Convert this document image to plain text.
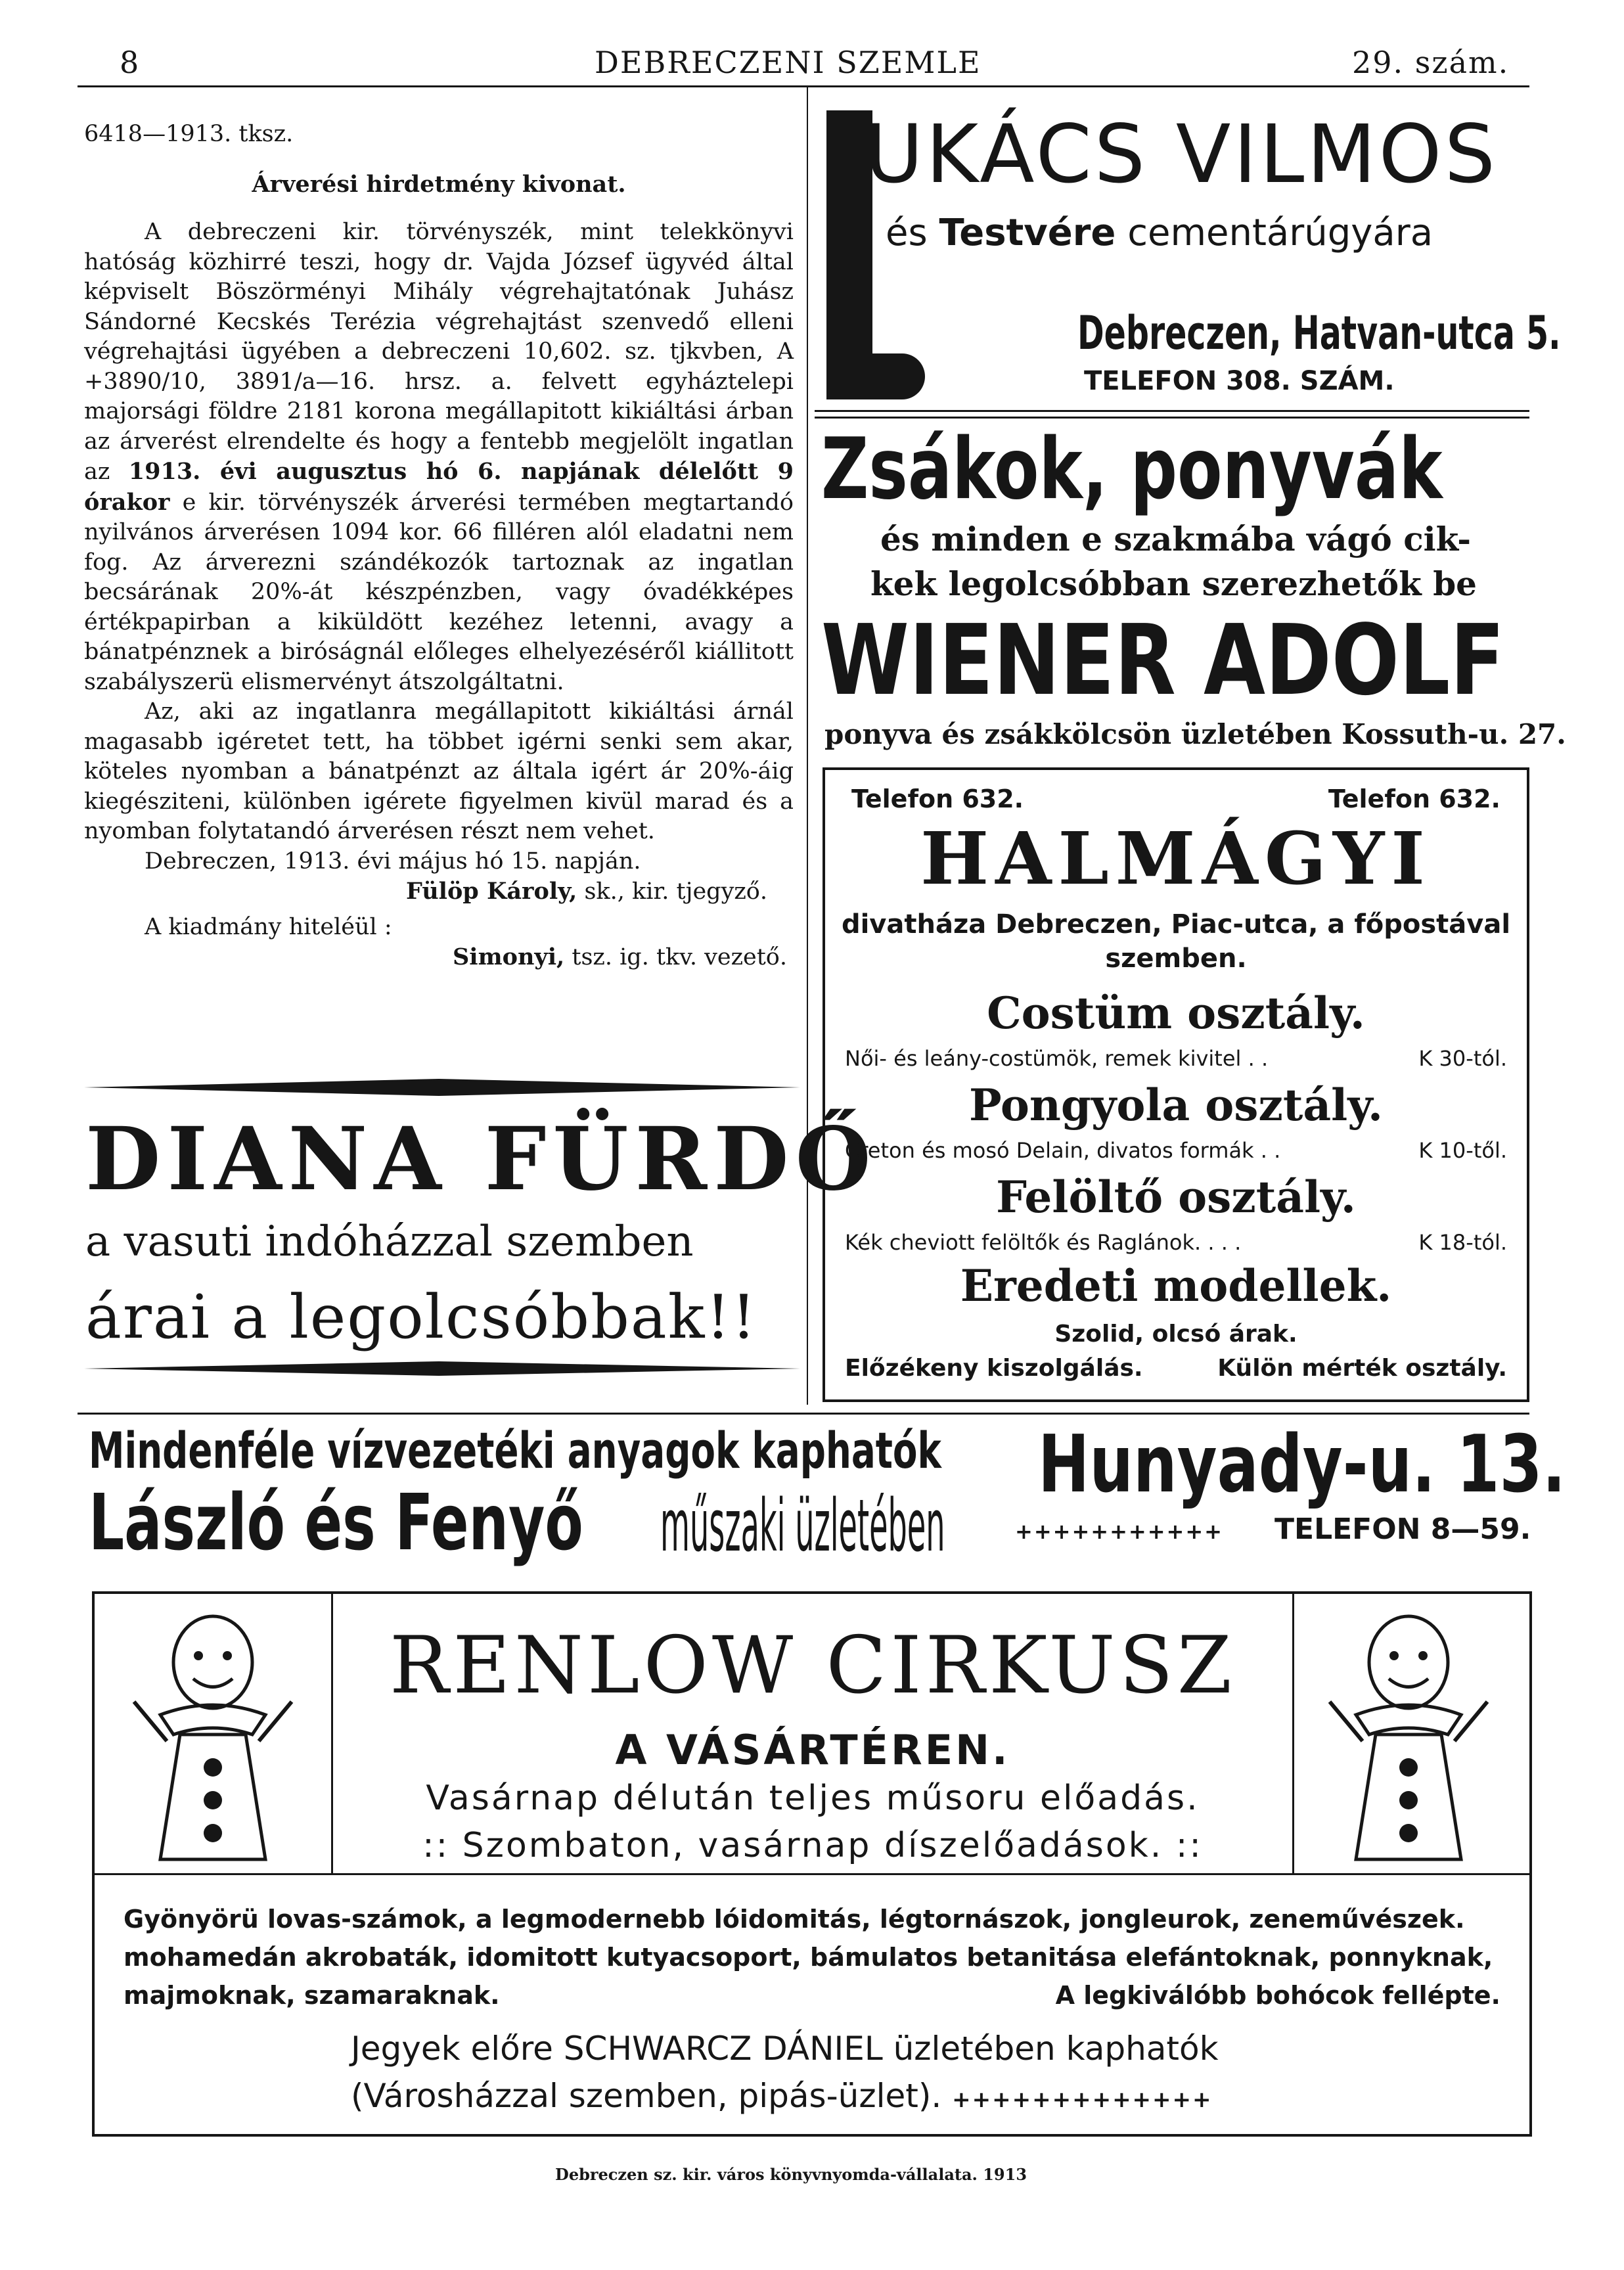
8	DEBRECZENI SZEMLE	29. szám.

6418—1913. tksz.

Árverési hirdetmény kivonat.

A debreczeni kir. törvényszék, mint telekkönyvi hatóság közhirré teszi, hogy dr. Vajda József ügyvéd által képviselt Böszörményi Mihály végrehajtatónak Juhász Sándorné Kecskés Terézia végrehajtást szenvedő elleni végrehajtási ügyében a debreczeni 10,602. sz. tjkvben, A +3890/10, 3891/a—16. hrsz. a. felvett egyháztelepi majorsági földre 2181 korona megállapitott kikiáltási árban az árverést elrendelte és hogy a fentebb megjelölt ingatlan az 1913. évi augusztus hó 6. napjának délelőtt 9 órakor e kir. törvényszék árverési termében megtartandó nyilvános árverésen 1094 kor. 66 filléren alól eladatni nem fog. Az árverezni szándékozók tartoznak az ingatlan becsárának 20%-át készpénzben, vagy óvadékképes értékpapirban a kiküldött kezéhez letenni, avagy a bánatpénznek a biróságnál előleges elhelyezéséről kiállitott szabályszerü elismervényt átszolgáltatni.

Az, aki az ingatlanra megállapitott kikiáltási árnál magasabb igéretet tett, ha többet igérni senki sem akar, köteles nyomban a bánatpénzt az általa igért ár 20%-áig kiegésziteni, különben igérete figyelmen kivül marad és a nyomban folytatandó árverésen részt nem vehet.

Debreczen, 1913. évi május hó 15. napján.

Fülöp Károly, sk., kir. tjegyző.

A kiadmány hiteléül :

Simonyi, tsz. ig. tkv. vezető.

DIANA FÜRDŐ
a vasuti indóházzal szemben
árai a legolcsóbbak!!
UKÁCS VILMOS
és Testvére cementárúgyára
Debreczen, Hatvan-utca 5.
TELEFON 308. SZÁM.
Zsákok, ponyvák
és minden e szakmába vágó cik-
kek legolcsóbban szerezhetők be
WIENER ADOLF
ponyva és zsákkölcsön üzletében Kossuth-u. 27.
Telefon 632.	Telefon 632.
HALMÁGYI
divatháza Debreczen, Piac-utca, a főpostával
szemben.
Costüm osztály.
Női- és leány-costümök, remek kivitel . .	K 30-tól.
Pongyola osztály.
Creton és mosó Delain, divatos formák . .	K 10-től.
Felöltő osztály.
Kék cheviott felöltők és Raglánok. . . .	K 18-tól.
Eredeti modellek.
Szolid, olcsó árak.
Előzékeny kiszolgálás.	Külön mérték osztály.
Mindenféle vízvezetéki anyagok kaphatók	Hunyady-u. 13.
László és Fenyő	műszaki üzletében	+++++++++++ TELEFON 8—59.
RENLOW CIRKUSZ
A VÁSÁRTÉREN.
Vasárnap délután teljes műsoru előadás.
:: Szombaton, vasárnap díszelőadások. ::
Gyönyörü lovas-számok, a legmodernebb lóidomitás, légtornászok, jongleurok, zeneművészek.
mohamedán akrobaták, idomitott kutyacsoport, bámulatos betanitása elefántoknak, ponnyknak,
majmoknak, szamaraknak.	A legkiválóbb bohócok fellépte.
Jegyek előre SCHWARCZ DÁNIEL üzletében kaphatók
(Városházzal szemben, pipás-üzlet). +++++++++++++
Debreczen sz. kir. város könyvnyomda-vállalata. 1913
